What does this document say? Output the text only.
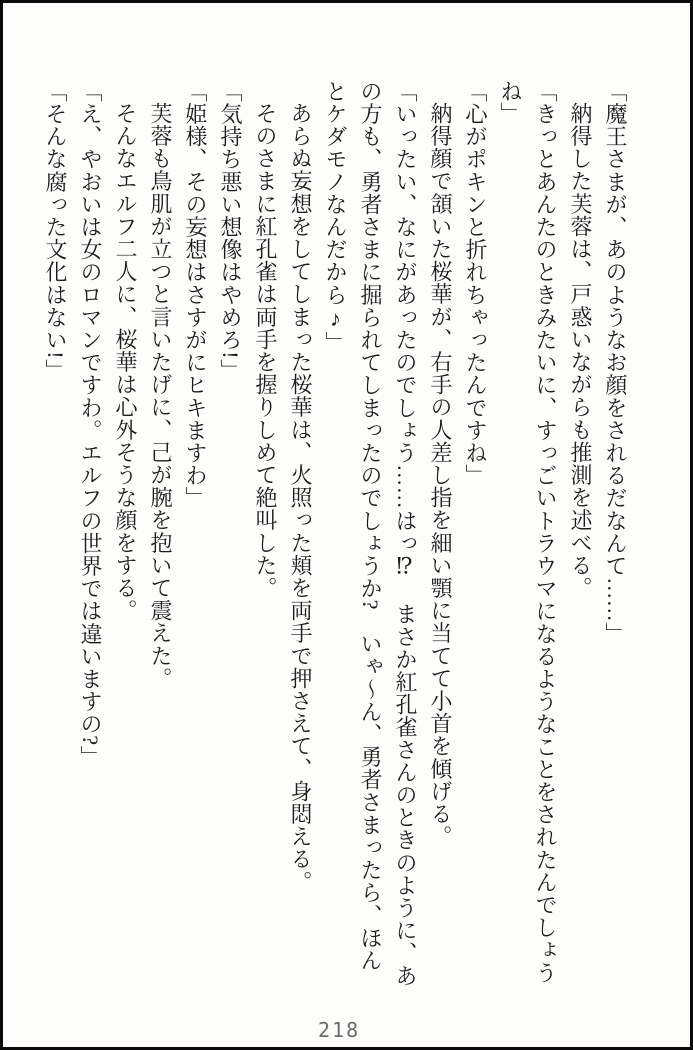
「魔王さまが、あのようなお顔をされるだなんて……」

納得した芙蓉は、戸惑いながらも推測を述べる。

「きっとあんたのときみたいに、すっごいトラウマになるようなことをされたんでしょう

ね」

「心がポキンと折れちゃったんですね」

納得顔で頷いた桜華が、右手の人差し指を細い顎に当てて小首を傾げる。

「いったい、なにがあったのでしょう……はっ⁉　まさか紅孔雀さんのときのように、あ

の方も、勇者さまに掘られてしまったのでしょうか?　いゃ〜ん、勇者さまったら、ほん

とケダモノなんだから♪」

あらぬ妄想をしてしまった桜華は、火照った頬を両手で押さえて、身悶える。

そのさまに紅孔雀は両手を握りしめて絶叫した。

「気持ち悪い想像はやめろ!」

「姫様、その妄想はさすがにヒキますわ」

芙蓉も鳥肌が立つと言いたげに、己が腕を抱いて震えた。

そんなエルフ二人に、桜華は心外そうな顔をする。

「え、やおいは女のロマンですわ。エルフの世界では違いますの?」

「そんな腐った文化はない!」

218
